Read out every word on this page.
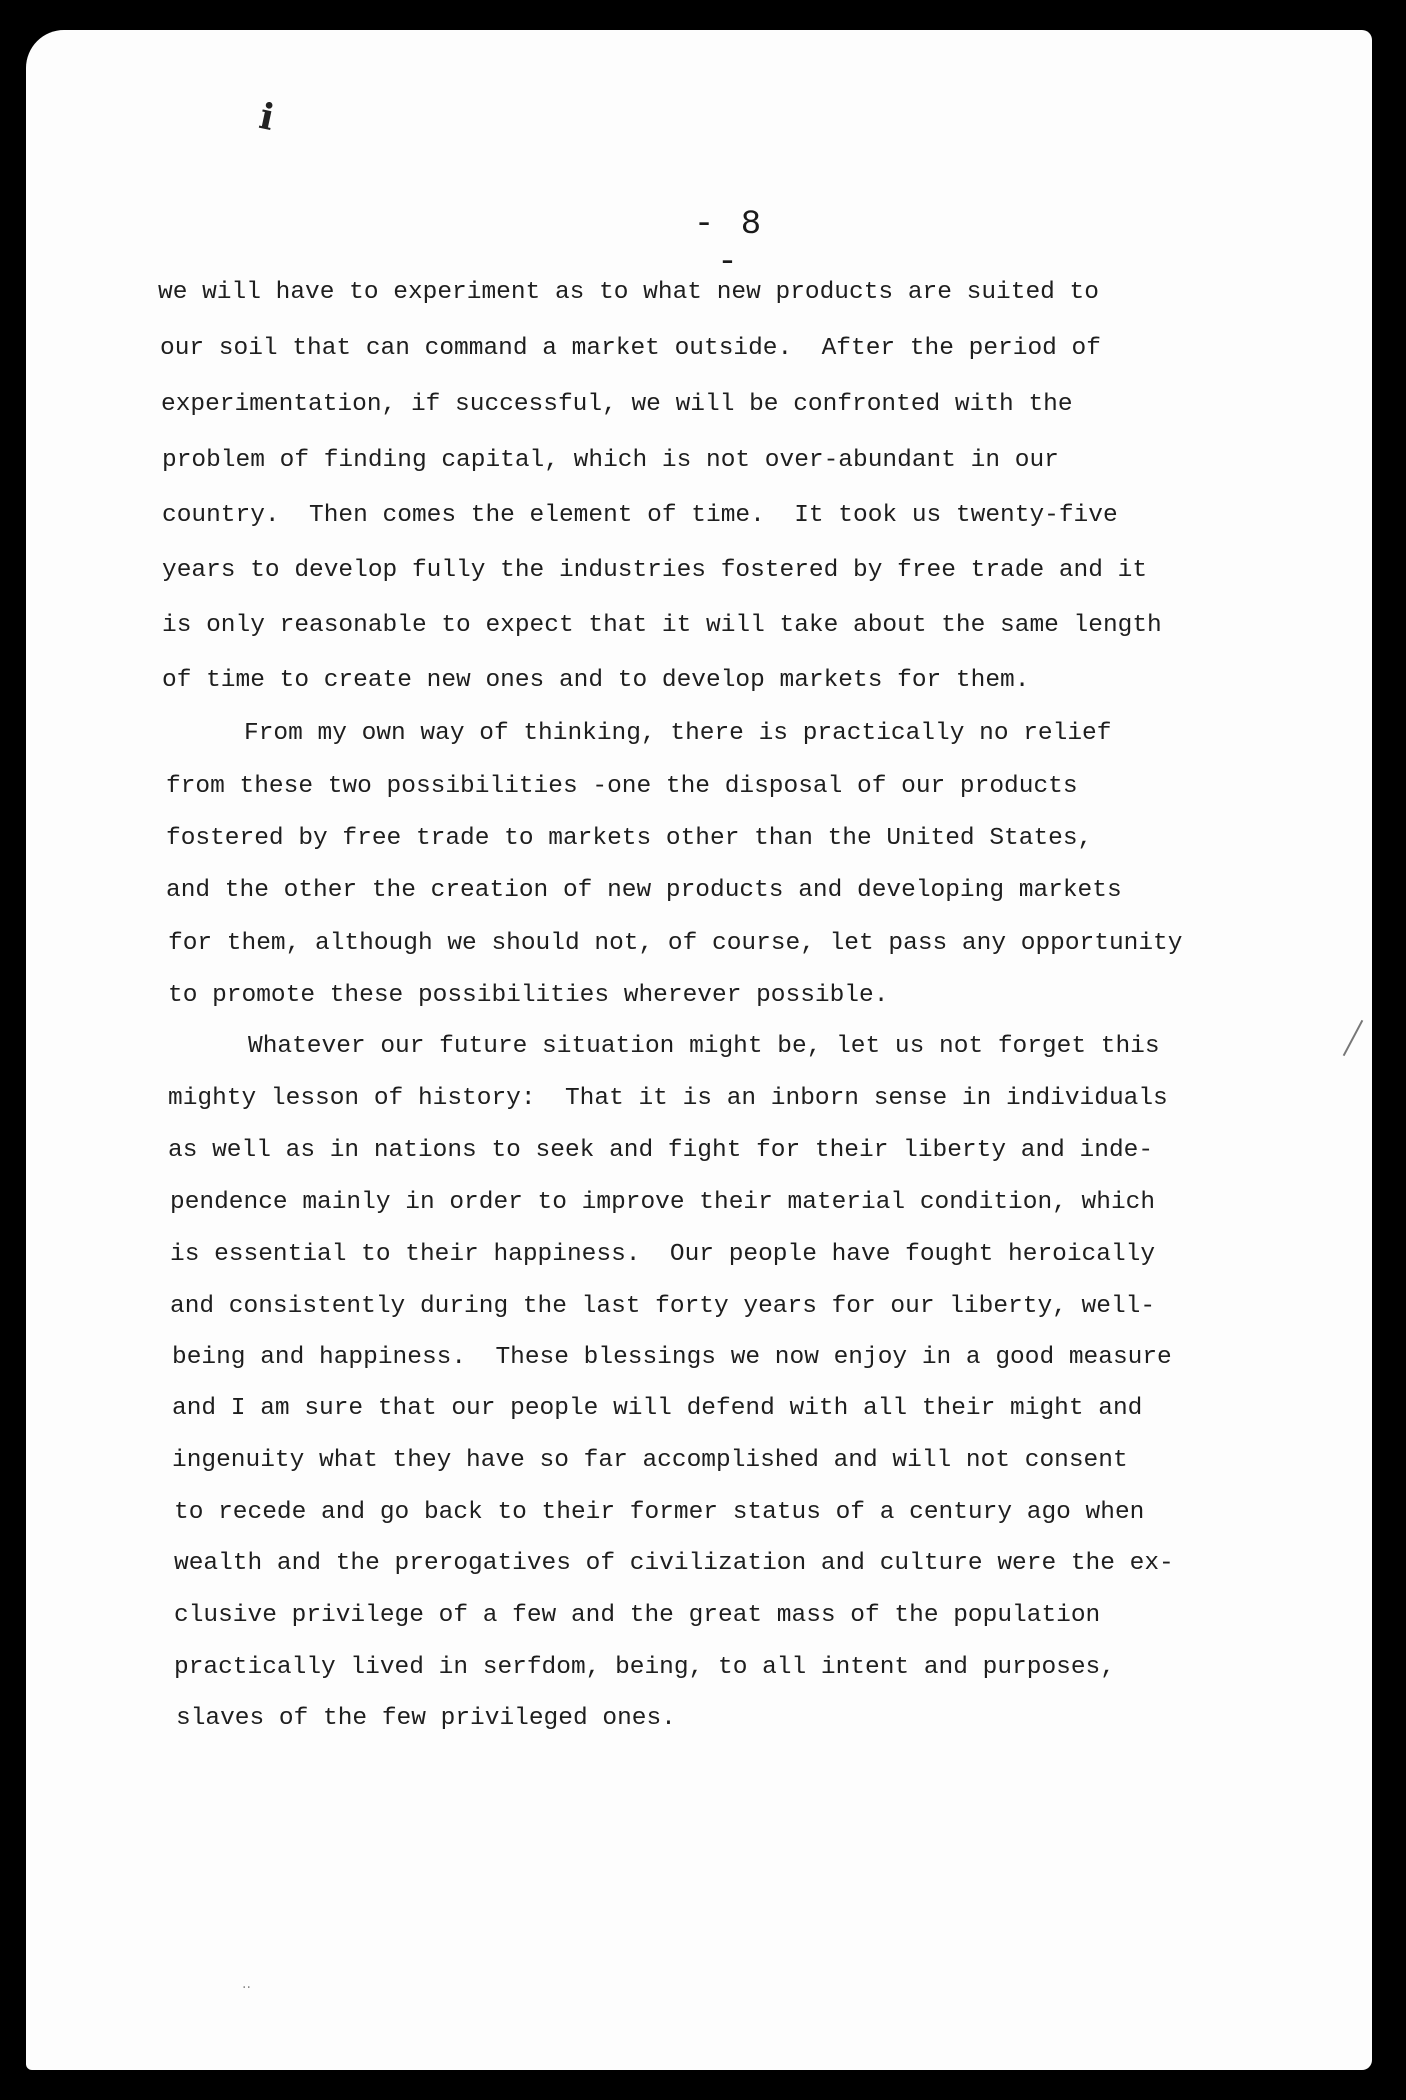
i
- 8 -
we will have to experiment as to what new products are suited to
our soil that can command a market outside.  After the period of
experimentation, if successful, we will be confronted with the
problem of finding capital, which is not over-abundant in our
country.  Then comes the element of time.  It took us twenty-five
years to develop fully the industries fostered by free trade and it
is only reasonable to expect that it will take about the same length
of time to create new ones and to develop markets for them.
From my own way of thinking, there is practically no relief
from these two possibilities -one the disposal of our products
fostered by free trade to markets other than the United States,
and the other the creation of new products and developing markets
for them, although we should not, of course, let pass any opportunity
to promote these possibilities wherever possible.
Whatever our future situation might be, let us not forget this
mighty lesson of history:  That it is an inborn sense in individuals
as well as in nations to seek and fight for their liberty and inde-
pendence mainly in order to improve their material condition, which
is essential to their happiness.  Our people have fought heroically
and consistently during the last forty years for our liberty, well-
being and happiness.  These blessings we now enjoy in a good measure
and I am sure that our people will defend with all their might and
ingenuity what they have so far accomplished and will not consent
to recede and go back to their former status of a century ago when
wealth and the prerogatives of civilization and culture were the ex-
clusive privilege of a few and the great mass of the population
practically lived in serfdom, being, to all intent and purposes,
slaves of the few privileged ones.
··
